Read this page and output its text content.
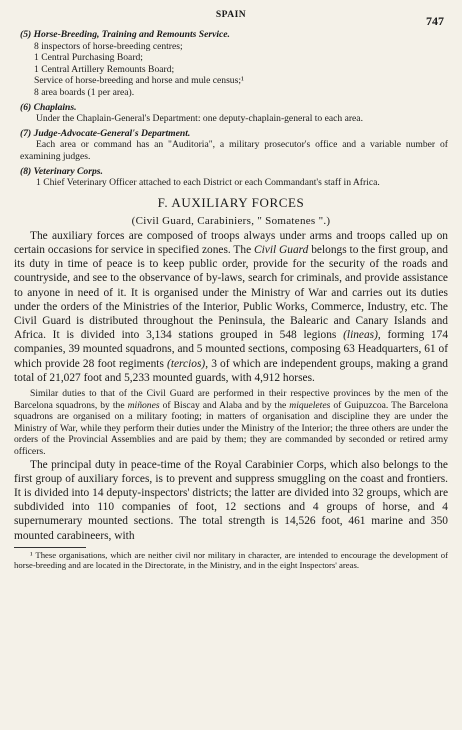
SPAIN	747

(5) Horse-Breeding, Training and Remounts Service.

8 inspectors of horse-breeding centres;

1 Central Purchasing Board;

1 Central Artillery Remounts Board;

Service of horse-breeding and horse and mule census;¹

8 area boards (1 per area).

(6) Chaplains.

Under the Chaplain-General's Department: one deputy-chaplain-general to each area.

(7) Judge-Advocate-General's Department.

Each area or command has an "Auditoria", a military prosecutor's office and a variable number of examining judges.

(8) Veterinary Corps.

1 Chief Veterinary Officer attached to each District or each Commandant's staff in Africa.

F. AUXILIARY FORCES
(Civil Guard, Carabiniers, " Somatenes ".)

The auxiliary forces are composed of troops always under arms and troops called up on certain occasions for service in specified zones. The Civil Guard belongs to the first group, and its duty in time of peace is to keep public order, provide for the security of the roads and countryside, and see to the observance of by-laws, search for criminals, and provide assistance to anyone in need of it. It is organised under the Ministry of War and carries out its duties under the orders of the Ministries of the Interior, Public Works, Commerce, Industry, etc. The Civil Guard is distributed throughout the Peninsula, the Balearic and Canary Islands and Africa. It is divided into 3,134 stations grouped in 548 legions (lineas), forming 174 companies, 39 mounted squadrons, and 5 mounted sections, composing 63 Headquarters, 61 of which provide 28 foot regiments (tercios), 3 of which are independent groups, making a grand total of 21,027 foot and 5,233 mounted guards, with 4,912 horses.

Similar duties to that of the Civil Guard are performed in their respective provinces by the men of the Barcelona squadrons, by the miñones of Biscay and Alaba and by the miqueletes of Guipuzcoa. The Barcelona squadrons are organised on a military footing; in matters of organisation and discipline they are under the Ministry of War, while they perform their duties under the Ministry of the Interior; the three others are under the orders of the Provincial Assemblies and are paid by them; they are commanded by seconded or retired army officers.

The principal duty in peace-time of the Royal Carabinier Corps, which also belongs to the first group of auxiliary forces, is to prevent and suppress smuggling on the coast and frontiers. It is divided into 14 deputy-inspectors' districts; the latter are divided into 32 groups, which are subdivided into 110 companies of foot, 12 sections and 4 groups of horse, and 4 supernumerary mounted sections. The total strength is 14,526 foot, 461 marine and 350 mounted carabineers, with

¹ These organisations, which are neither civil nor military in character, are intended to encourage the development of horse-breeding and are located in the Directorate, in the Ministry, and in the eight Inspectors' areas.
